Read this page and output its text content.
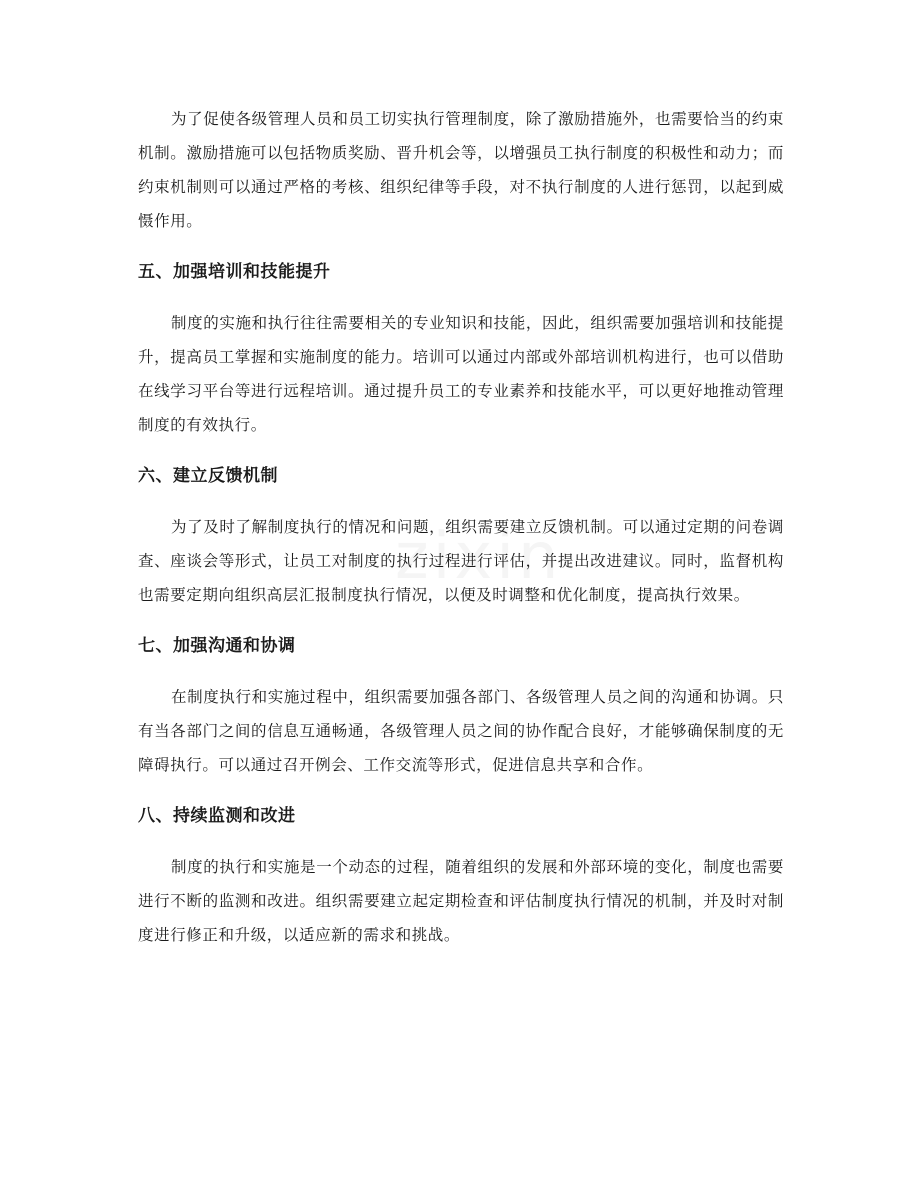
zixin

为了促使各级管理人员和员工切实执行管理制度，除了激励措施外，也需要恰当的约束机制。激励措施可以包括物质奖励、晋升机会等，以增强员工执行制度的积极性和动力；而约束机制则可以通过严格的考核、组织纪律等手段，对不执行制度的人进行惩罚，以起到威慑作用。

五、加强培训和技能提升

制度的实施和执行往往需要相关的专业知识和技能，因此，组织需要加强培训和技能提升，提高员工掌握和实施制度的能力。培训可以通过内部或外部培训机构进行，也可以借助在线学习平台等进行远程培训。通过提升员工的专业素养和技能水平，可以更好地推动管理制度的有效执行。

六、建立反馈机制

为了及时了解制度执行的情况和问题，组织需要建立反馈机制。可以通过定期的问卷调查、座谈会等形式，让员工对制度的执行过程进行评估，并提出改进建议。同时，监督机构也需要定期向组织高层汇报制度执行情况，以便及时调整和优化制度，提高执行效果。

七、加强沟通和协调

在制度执行和实施过程中，组织需要加强各部门、各级管理人员之间的沟通和协调。只有当各部门之间的信息互通畅通，各级管理人员之间的协作配合良好，才能够确保制度的无障碍执行。可以通过召开例会、工作交流等形式，促进信息共享和合作。

八、持续监测和改进

制度的执行和实施是一个动态的过程，随着组织的发展和外部环境的变化，制度也需要进行不断的监测和改进。组织需要建立起定期检查和评估制度执行情况的机制，并及时对制度进行修正和升级，以适应新的需求和挑战。
